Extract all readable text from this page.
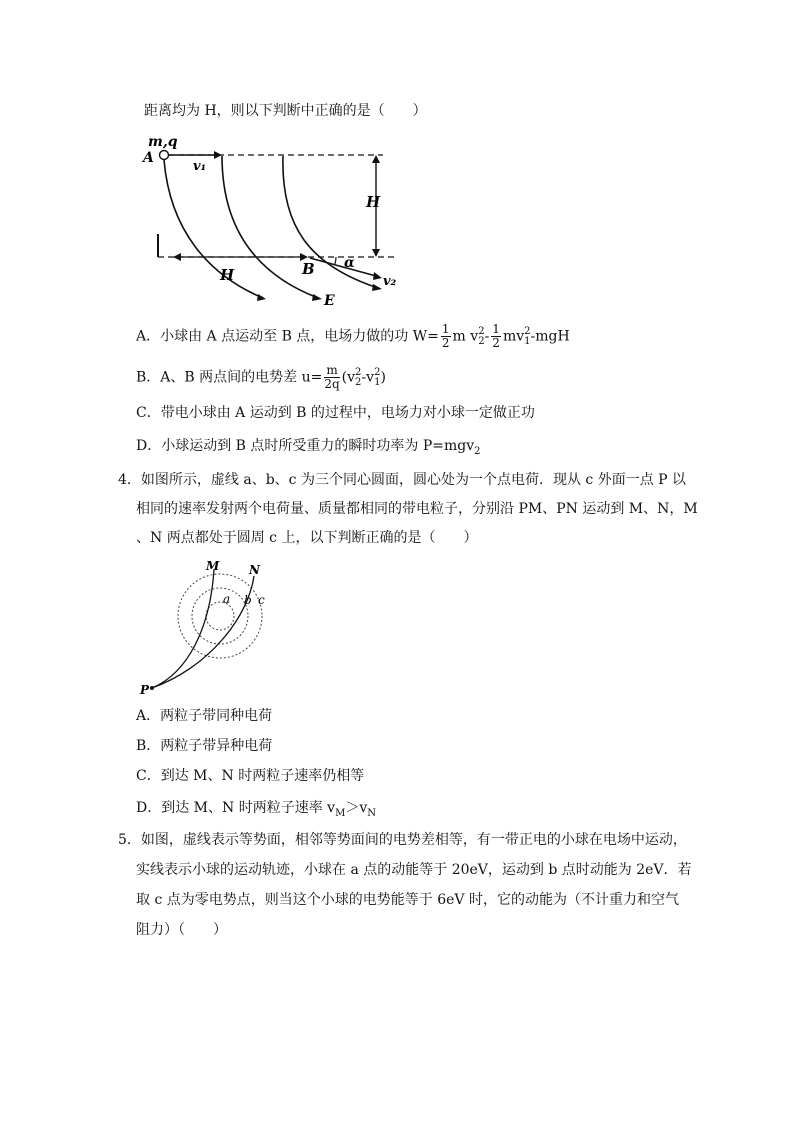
距离均为 H，则以下判断中正确的是（　　）
m,q
A
v₁
H
H	B α
v₂
E
A．小球由 A 点运动至 B 点，电场力做的功 $W= \frac{1}{2}$ m v 2
$2 - \frac{1}{2}$ mv 2
1 -mgH
B．A、B 两点间的电势差 $u= \frac{m}{2q} (v$ 2
2 -v 2
1 )
C．带电小球由 A 运动到 B 的过程中，电场力对小球一定做正功
D．小球运动到 B 点时所受重力的瞬时功率为 P=mgv$_2$
4．如图所示，虚线 a、b、c 为三个同心圆面，圆心处为一个点电荷．现从 c 外面一点 P 以
相同的速率发射两个电荷量、质量都相同的带电粒子，分别沿 PM、PN 运动到 M、N，M
、N 两点都处于圆周 c 上，以下判断正确的是（　　）
M N
a b c
P
A．两粒子带同种电荷
B．两粒子带异种电荷
C．到达 M、N 时两粒子速率仍相等
D．到达 M、N 时两粒子速率 $v_M>v_N$
5．如图，虚线表示等势面，相邻等势面间的电势差相等，有一带正电的小球在电场中运动，
实线表示小球的运动轨迹，小球在 a 点的动能等于 20eV，运动到 b 点时动能为 2eV．若
取 c 点为零电势点，则当这个小球的电势能等于 6eV 时，它的动能为（不计重力和空气
阻力）（　　）
